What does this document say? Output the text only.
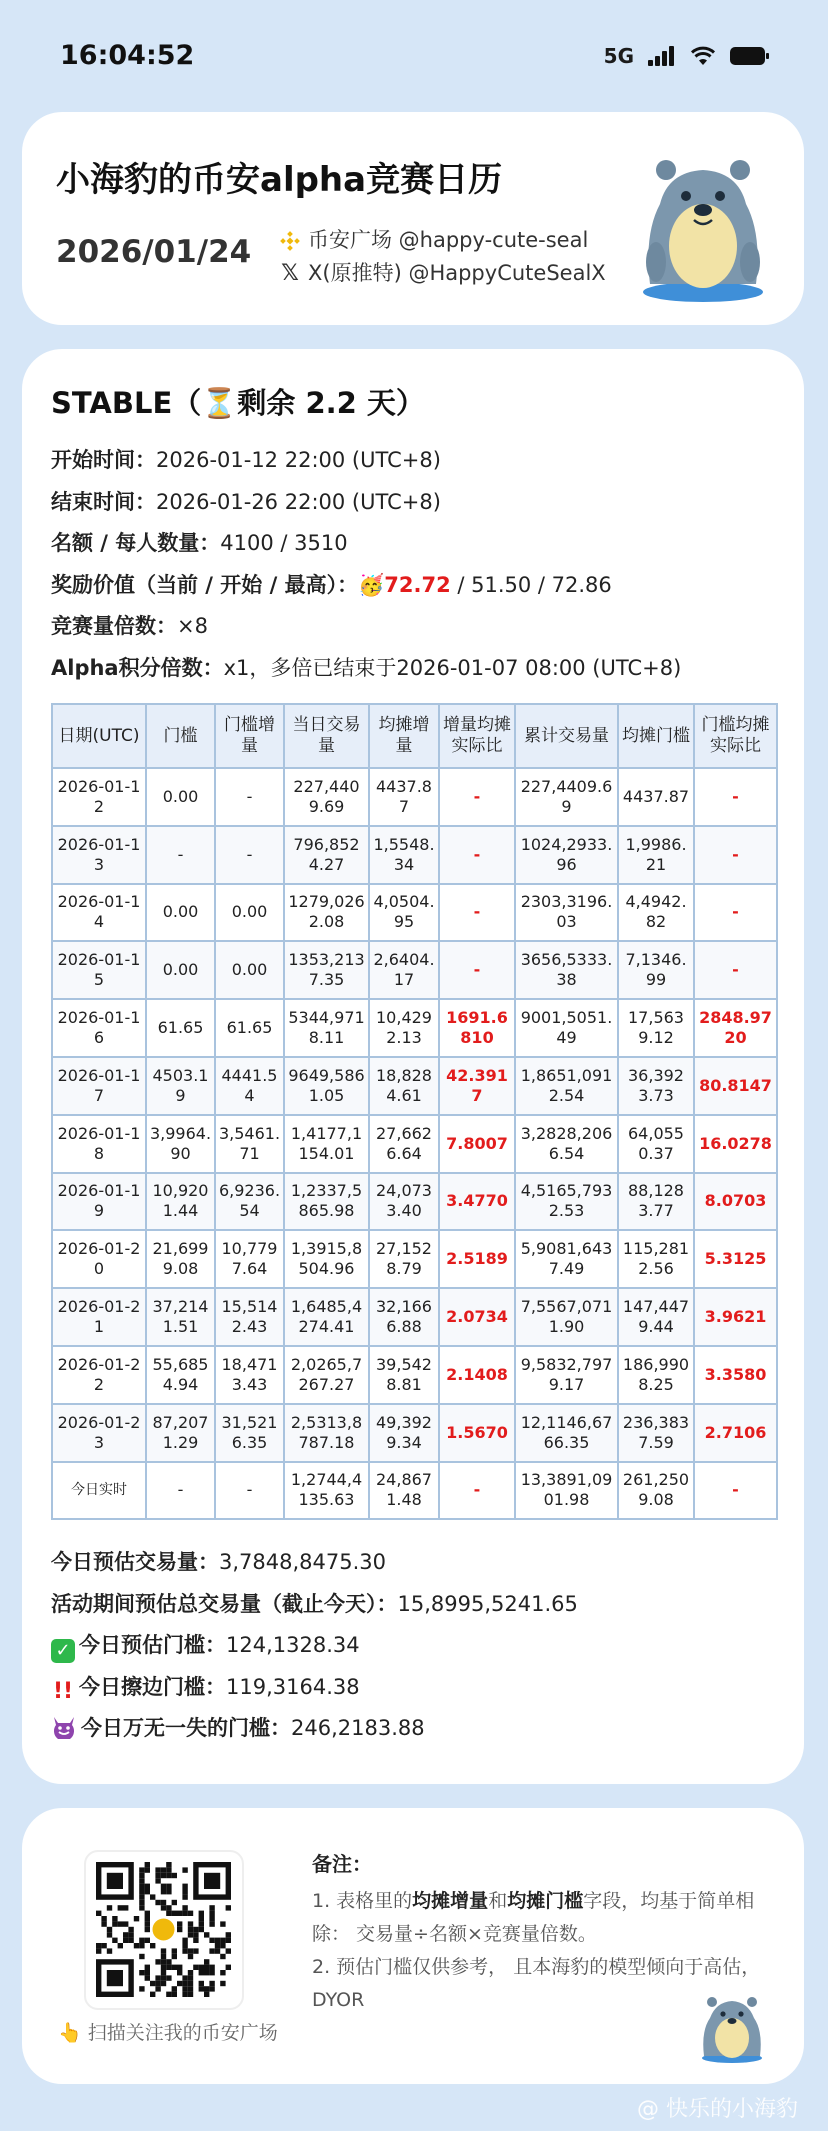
16:04:52	5G
小海豹的币安alpha竞赛日历
2026/01/24	币安广场 @happy-cute-seal
𝕏 X(原推特) @HappyCuteSealX
STABLE（⏳剩余 2.2 天）
开始时间：2026-01-12 22:00 (UTC+8)
结束时间：2026-01-26 22:00 (UTC+8)
名额 / 每人数量：4100 / 3510
奖励价值（当前 / 开始 / 最高）：🥳72.72 / 51.50 / 72.86
竞赛量倍数：×8
Alpha积分倍数：x1，多倍已结束于2026-01-07 08:00 (UTC+8)
日期(UTC)	门槛	门槛增量	当日交易量	均摊增量	增量均摊实际比	累计交易量	均摊门槛	门槛均摊实际比
2026-01-12	0.00	-	227,4409.69	4437.87	-	227,4409.69	4437.87	-
2026-01-13	-	-	796,8524.27	1,5548.34	-	1024,2933.96	1,9986.21	-
2026-01-14	0.00	0.00	1279,0262.08	4,0504.95	-	2303,3196.03	4,4942.82	-
2026-01-15	0.00	0.00	1353,2137.35	2,6404.17	-	3656,5333.38	7,1346.99	-
2026-01-16	61.65	61.65	5344,9718.11	10,4292.13	1691.6810	9001,5051.49	17,5639.12	2848.9720
2026-01-17	4503.19	4441.54	9649,5861.05	18,8284.61	42.3917	1,8651,0912.54	36,3923.73	80.8147
2026-01-18	3,9964.90	3,5461.71	1,4177,1154.01	27,6626.64	7.8007	3,2828,2066.54	64,0550.37	16.0278
2026-01-19	10,9201.44	6,9236.54	1,2337,5865.98	24,0733.40	3.4770	4,5165,7932.53	88,1283.77	8.0703
2026-01-20	21,6999.08	10,7797.64	1,3915,8504.96	27,1528.79	2.5189	5,9081,6437.49	115,2812.56	5.3125
2026-01-21	37,2141.51	15,5142.43	1,6485,4274.41	32,1666.88	2.0734	7,5567,0711.90	147,4479.44	3.9621
2026-01-22	55,6854.94	18,4713.43	2,0265,7267.27	39,5428.81	2.1408	9,5832,7979.17	186,9908.25	3.3580
2026-01-23	87,2071.29	31,5216.35	2,5313,8787.18	49,3929.34	1.5670	12,1146,6766.35	236,3837.59	2.7106
今日实时	-	-	1,2744,4135.63	24,8671.48	-	13,3891,0901.98	261,2509.08	-
今日预估交易量：3,7848,8475.30
活动期间预估总交易量（截止今天）：15,8995,5241.65
✓ 今日预估门槛：124,1328.34
!! 今日擦边门槛：119,3164.38
今日万无一失的门槛：246,2183.88
👆 扫描关注我的币安广场
备注：
1. 表格里的均摊增量和均摊门槛字段，均基于简单相除： 交易量÷名额×竞赛量倍数。
2. 预估门槛仅供参考， 且本海豹的模型倾向于高估，DYOR
@ 快乐的小海豹
